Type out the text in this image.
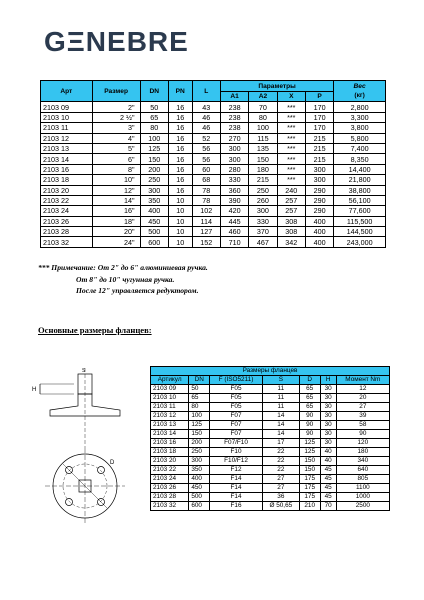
GΞNEBRE
Арт	Размер	DN	PN	L	Параметры				Вес
(кг)
					A1	A2	X	P	
2103 09	2"	50	16	43	238	70	***	170	2,800
2103 10	2 ½"	65	16	46	238	80	***	170	3,300
2103 11	3"	80	16	46	238	100	***	170	3,800
2103 12	4"	100	16	52	270	115	***	215	5,800
2103 13	5"	125	16	56	300	135	***	215	7,400
2103 14	6"	150	16	56	300	150	***	215	8,350
2103 16	8"	200	16	60	280	180	***	300	14,400
2103 18	10"	250	16	68	330	215	***	300	21,800
2103 20	12"	300	16	78	360	250	240	290	38,800
2103 22	14"	350	10	78	390	260	257	290	56,100
2103 24	16"	400	10	102	420	300	257	290	77,600
2103 26	18"	450	10	114	445	330	308	400	115,500
2103 28	20"	500	10	127	460	370	308	400	144,500
2103 32	24"	600	10	152	710	467	342	400	243,000
*** Примечание: От 2" до 6" алюминиевая ручка.
От 8" до 10" чугунная ручка.
После 12" управляется редуктором.
Основные размеры фланцев:
H
S
D
Размеры фланцев						
Артикул	DN	F (ISO5211)	S	D	H	Момент Nm
2103 09	50	F05	11	65	30	12
2103 10	65	F05	11	65	30	20
2103 11	80	F05	11	65	30	27
2103 12	100	F07	14	90	30	39
2103 13	125	F07	14	90	30	58
2103 14	150	F07	14	90	30	90
2103 16	200	F07/F10	17	125	30	120
2103 18	250	F10	22	125	40	180
2103 20	300	F10/F12	22	150	40	340
2103 22	350	F12	22	150	45	640
2103 24	400	F14	27	175	45	805
2103 26	450	F14	27	175	45	1100
2103 28	500	F14	36	175	45	1000
2103 32	600	F16	Ø 50,65	210	70	2500
